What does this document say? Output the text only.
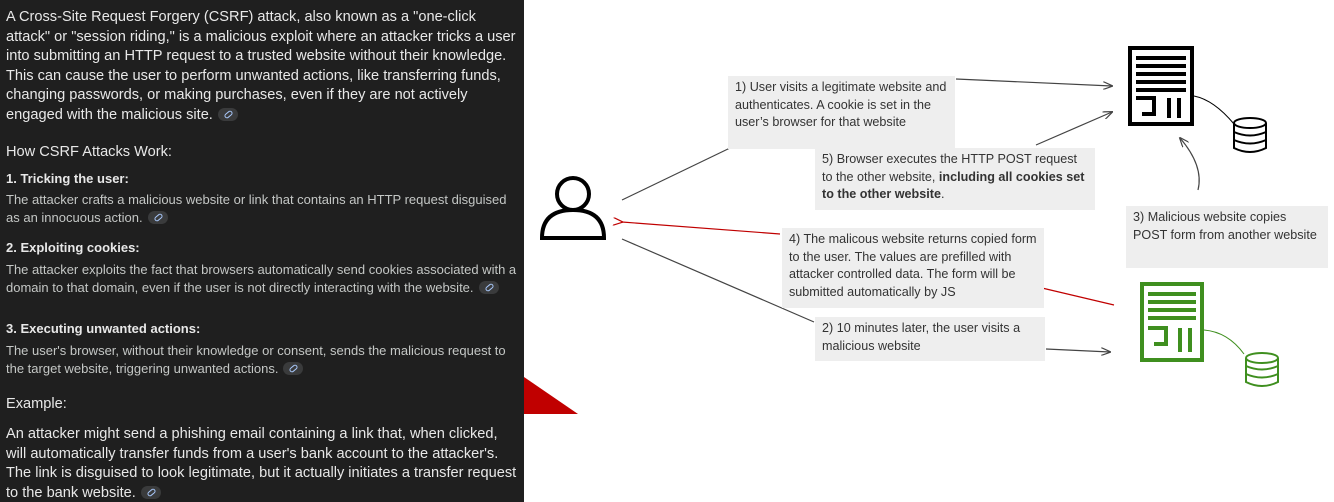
A Cross-Site Request Forgery (CSRF) attack, also known as a "one-click attack" or "session riding," is a malicious exploit where an attacker tricks a user into submitting an HTTP request to a trusted website without their knowledge. This can cause the user to perform unwanted actions, like transferring funds, changing passwords, or making purchases, even if they are not actively engaged with the malicious site.

How CSRF Attacks Work:

1. Tricking the user:

The attacker crafts a malicious website or link that contains an HTTP request disguised as an innocuous action.

2. Exploiting cookies:

The attacker exploits the fact that browsers automatically send cookies associated with a domain to that domain, even if the user is not directly interacting with the website.

3. Executing unwanted actions:

The user's browser, without their knowledge or consent, sends the malicious request to the target website, triggering unwanted actions.

Example:

An attacker might send a phishing email containing a link that, when clicked, will automatically transfer funds from a user's bank account to the attacker's. The link is disguised to look legitimate, but it actually initiates a transfer request to the bank website.

1) User visits a legitimate website and authenticates. A cookie is set in the user’s browser for that website
5) Browser executes the HTTP POST request to the other website, including all cookies set to the other website.
3) Malicious website copies POST form from another website
4) The malicous website returns copied form to the user. The values are prefilled with attacker controlled data. The form will be submitted automatically by JS
2) 10 minutes later, the user visits a malicious website
